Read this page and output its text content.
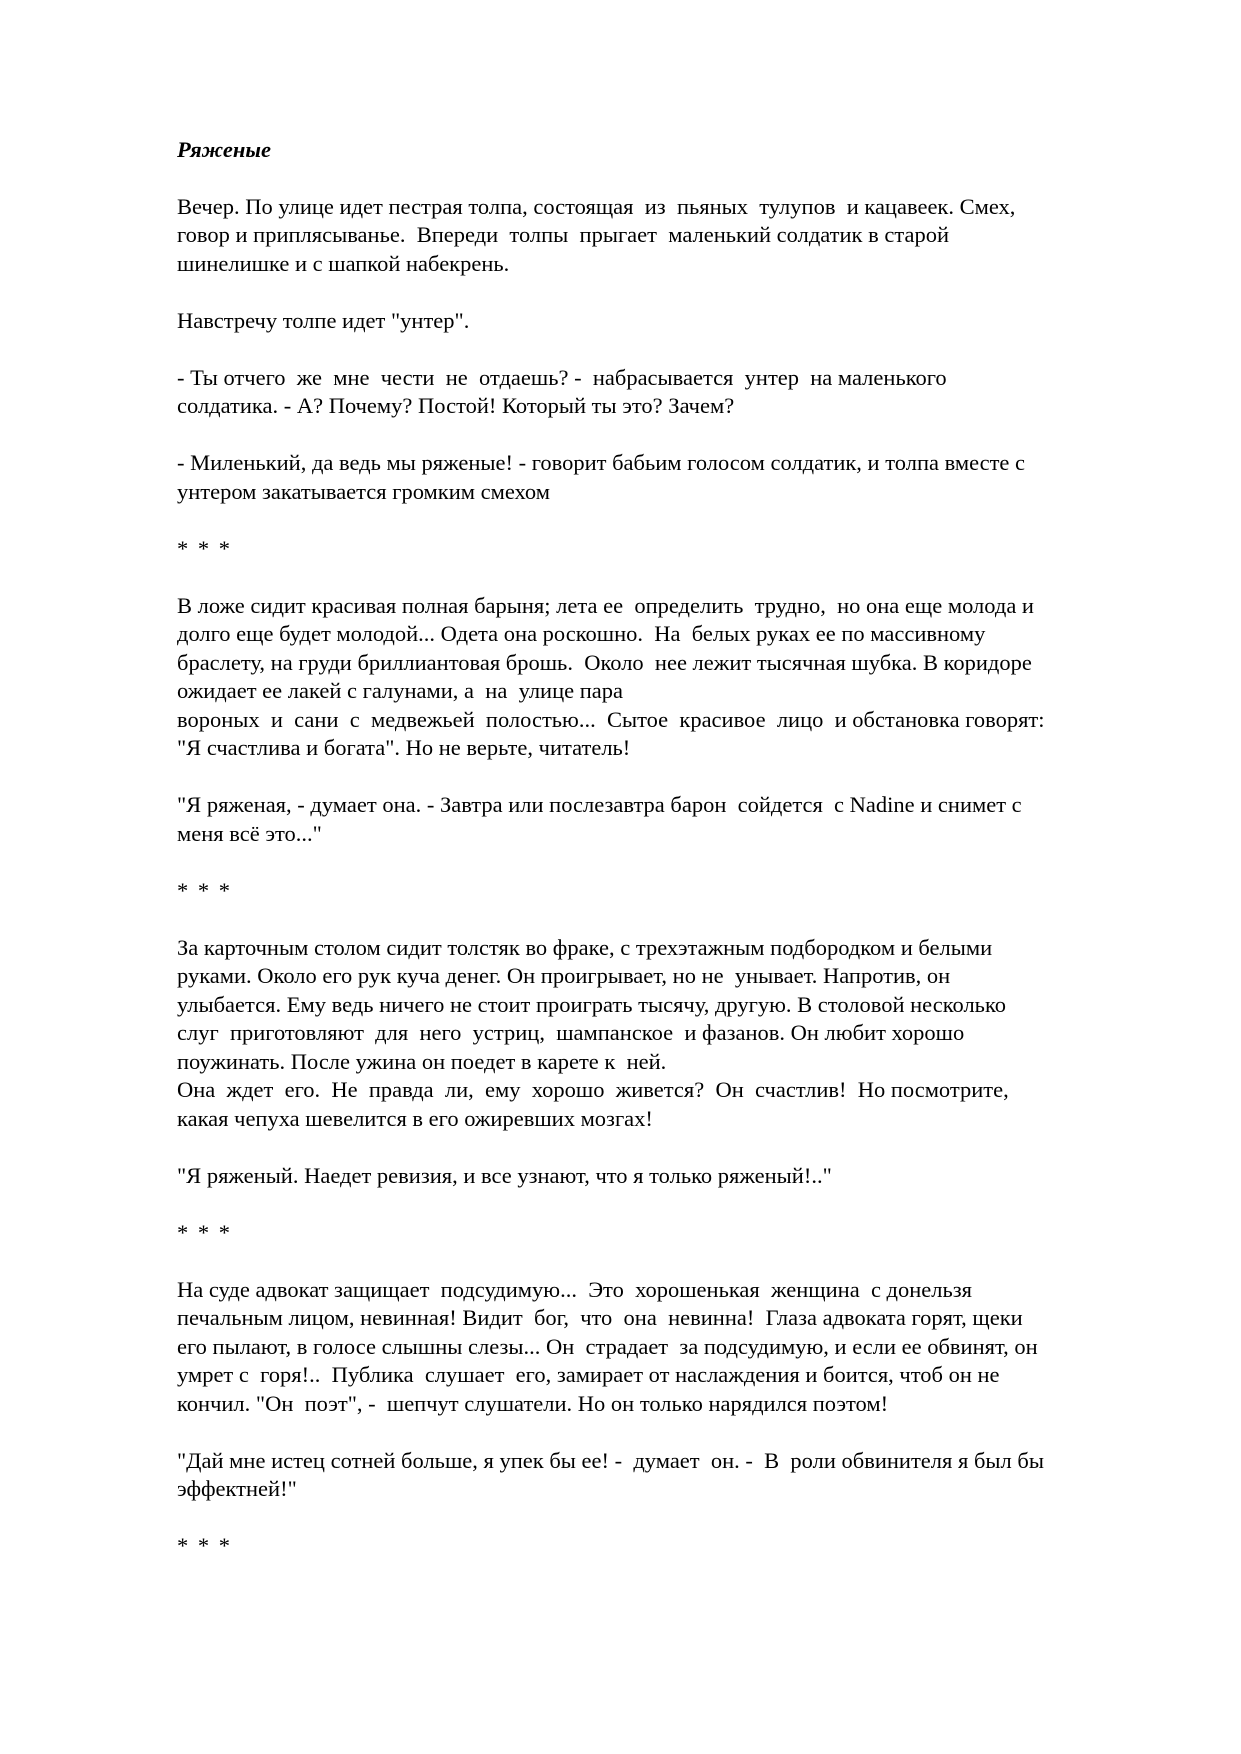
Ряженые
Вечер. По улице идет пестрая толпа, состоящая  из  пьяных  тулупов  и кацавеек. Смех,
говор и приплясыванье.  Впереди  толпы  прыгает  маленький солдатик в старой
шинелишке и с шапкой набекрень.
Навстречу толпе идет "унтер".
- Ты отчего  же  мне  чести  не  отдаешь? -  набрасывается  унтер  на маленького
солдатика. - А? Почему? Постой! Который ты это? Зачем?
- Миленький, да ведь мы ряженые! - говорит бабьим голосом солдатик, и толпа вместе с
унтером закатывается громким смехом
* * *
В ложе сидит красивая полная барыня; лета ее  определить  трудно,  но она еще молода и
долго еще будет молодой... Одета она роскошно.  На  белых руках ее по массивному
браслету, на груди бриллиантовая брошь.  Около  нее лежит тысячная шубка. В коридоре
ожидает ее лакей с галунами, а  на  улице пара
вороных  и  сани  с  медвежьей  полостью...  Сытое  красивое  лицо  и обстановка говорят:
"Я счастлива и богата". Но не верьте, читатель!
"Я ряженая, - думает она. - Завтра или послезавтра барон  сойдется  с Nadine и снимет с
меня всё это..."
* * *
За карточным столом сидит толстяк во фраке, с трехэтажным подбородком и белыми
руками. Около его рук куча денег. Он проигрывает, но не  унывает. Напротив, он
улыбается. Ему ведь ничего не стоит проиграть тысячу, другую. В столовой несколько
слуг  приготовляют  для  него  устриц,  шампанское  и фазанов. Он любит хорошо
поужинать. После ужина он поедет в карете к  ней.
Она  ждет  его.  Не  правда  ли,  ему  хорошо  живется?  Он  счастлив!  Но посмотрите,
какая чепуха шевелится в его ожиревших мозгах!
"Я ряженый. Наедет ревизия, и все узнают, что я только ряженый!.."
* * *
На суде адвокат защищает  подсудимую...  Это  хорошенькая  женщина  с донельзя
печальным лицом, невинная! Видит  бог,  что  она  невинна!  Глаза адвоката горят, щеки
его пылают, в голосе слышны слезы... Он  страдает  за подсудимую, и если ее обвинят, он
умрет с  горя!..  Публика  слушает  его, замирает от наслаждения и боится, чтоб он не
кончил. "Он  поэт", -  шепчут слушатели. Но он только нарядился поэтом!
"Дай мне истец сотней больше, я упек бы ее! -  думает  он. -  В  роли обвинителя я был бы
эффектней!"
* * *
